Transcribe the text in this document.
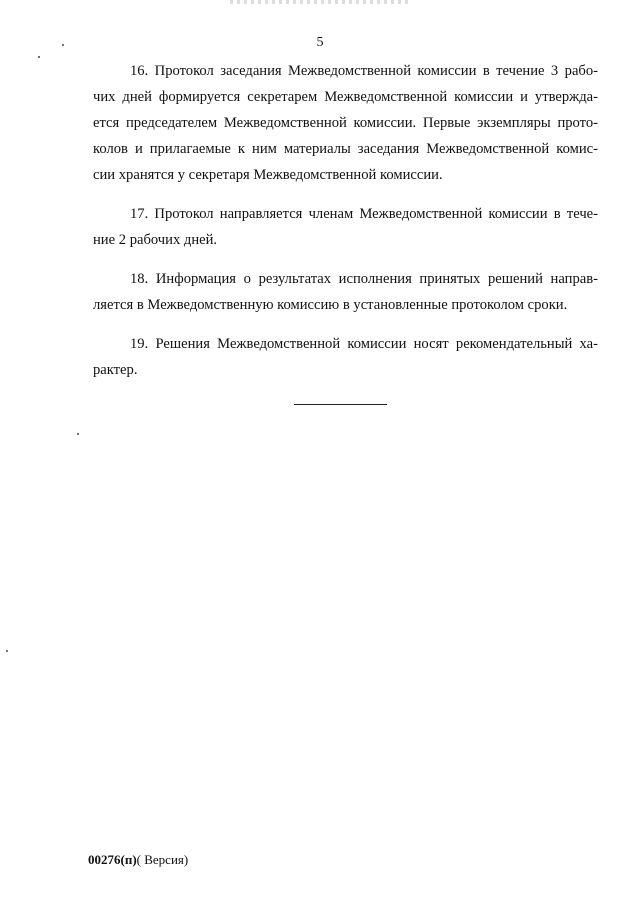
5

16. Протокол заседания Межведомственной комиссии в течение 3 рабо-
чих дней формируется секретарем Межведомственной комиссии и утвержда-
ется председателем Межведомственной комиссии. Первые экземпляры прото-
колов и прилагаемые к ним материалы заседания Межведомственной комис-
сии хранятся у секретаря Межведомственной комиссии.

17. Протокол направляется членам Межведомственной комиссии в тече-
ние 2 рабочих дней.

18. Информация о результатах исполнения принятых решений направ-
ляется в Межведомственную комиссию в установленные протоколом сроки.

19. Решения Межведомственной комиссии носят рекомендательный ха-
рактер.

00276(п)( Версия)
